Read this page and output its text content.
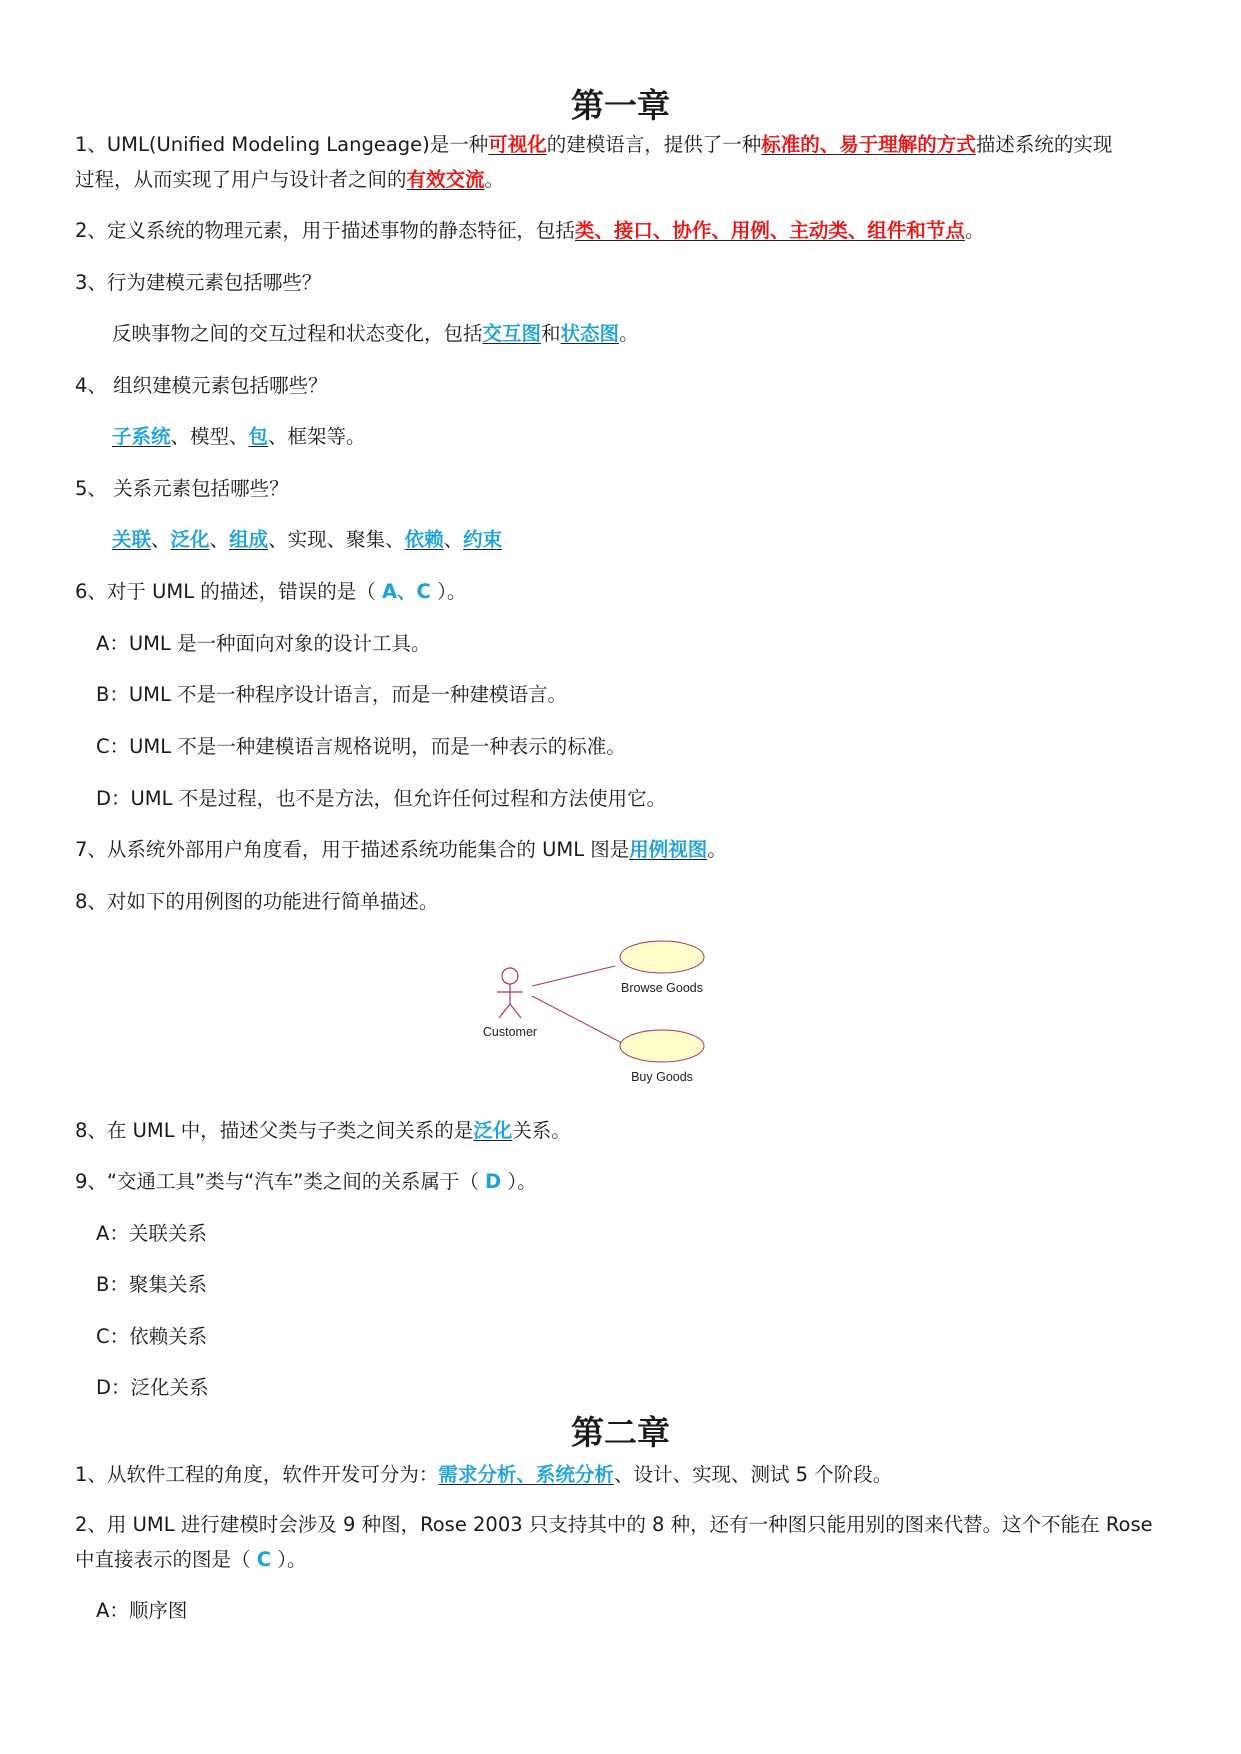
第一章
1、UML(Unified Modeling Langeage)是一种可视化的建模语言，提供了一种标准的、易于理解的方式描述系统的实现
过程，从而实现了用户与设计者之间的有效交流。
2、定义系统的物理元素，用于描述事物的静态特征，包括类、接口、协作、用例、主动类、组件和节点。
3、行为建模元素包括哪些？
反映事物之间的交互过程和状态变化，包括交互图和状态图。
4、 组织建模元素包括哪些？
子系统、模型、包、框架等。
5、 关系元素包括哪些？
关联、泛化、组成、实现、聚集、依赖、约束
6、对于 UML 的描述，错误的是（ A、C ）。
A：UML 是一种面向对象的设计工具。
B：UML 不是一种程序设计语言，而是一种建模语言。
C：UML 不是一种建模语言规格说明，而是一种表示的标准。
D：UML 不是过程，也不是方法，但允许任何过程和方法使用它。
7、从系统外部用户角度看，用于描述系统功能集合的 UML 图是用例视图。
8、对如下的用例图的功能进行简单描述。
Customer
Browse Goods
Buy Goods
8、在 UML 中，描述父类与子类之间关系的是泛化关系。
9、“交通工具”类与“汽车”类之间的关系属于（ D ）。
A：关联关系
B：聚集关系
C：依赖关系
D：泛化关系
第二章
1、从软件工程的角度，软件开发可分为：需求分析、系统分析、设计、实现、测试 5 个阶段。
2、用 UML 进行建模时会涉及 9 种图，Rose 2003 只支持其中的 8 种，还有一种图只能用别的图来代替。这个不能在 Rose 中直接表示的图是（ C ）。
A：顺序图
